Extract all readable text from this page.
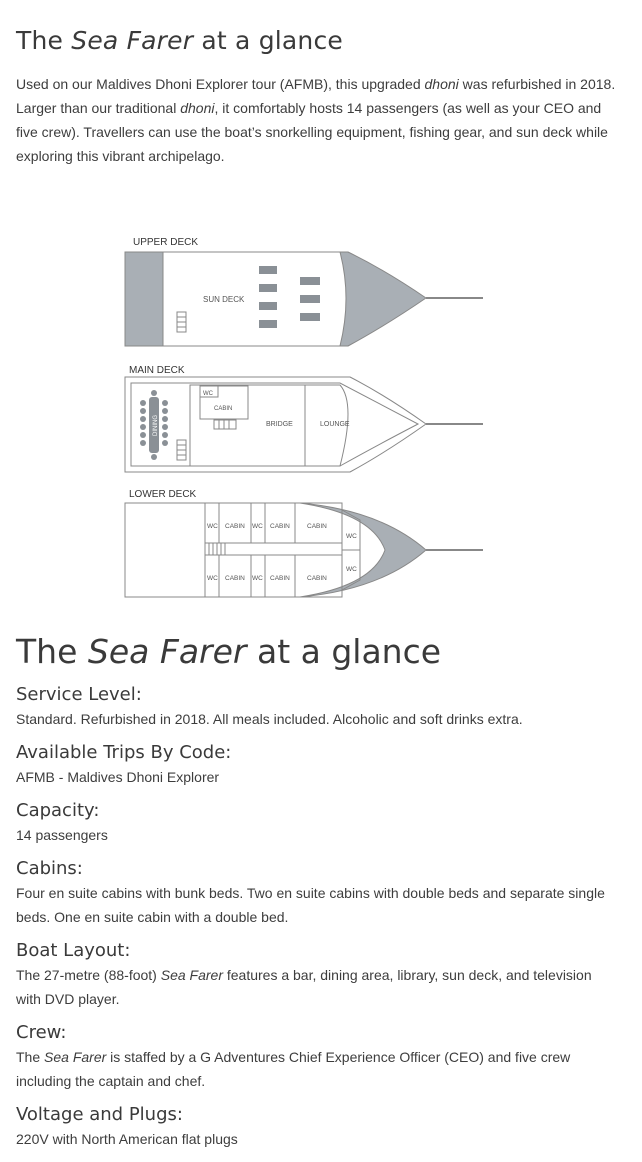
The Sea Farer at a glance

Used on our Maldives Dhoni Explorer tour (AFMB), this upgraded dhoni was refurbished in 2018. Larger than our traditional dhoni, it comfortably hosts 14 passengers (as well as your CEO and five crew). Travellers can use the boat’s snorkelling equipment, fishing gear, and sun deck while exploring this vibrant archipelago.

UPPER DECK
SUN DECK
MAIN DECK
WC
CABIN
BRIDGE	LOUNGE
DINING
LOWER DECK
WC CABIN WC CABIN	CABIN
WC CABIN WC CABIN	CABIN
WC
WC
The Sea Farer at a glance
Service Level:

Standard. Refurbished in 2018. All meals included. Alcoholic and soft drinks extra.

Available Trips By Code:

AFMB - Maldives Dhoni Explorer

Capacity:

14 passengers

Cabins:

Four en suite cabins with bunk beds. Two en suite cabins with double beds and separate single beds. One en suite cabin with a double bed.

Boat Layout:

The 27-metre (88-foot) Sea Farer features a bar, dining area, library, sun deck, and television with DVD player.

Crew:

The Sea Farer is staffed by a G Adventures Chief Experience Officer (CEO) and five crew including the captain and chef.

Voltage and Plugs:

220V with North American flat plugs
